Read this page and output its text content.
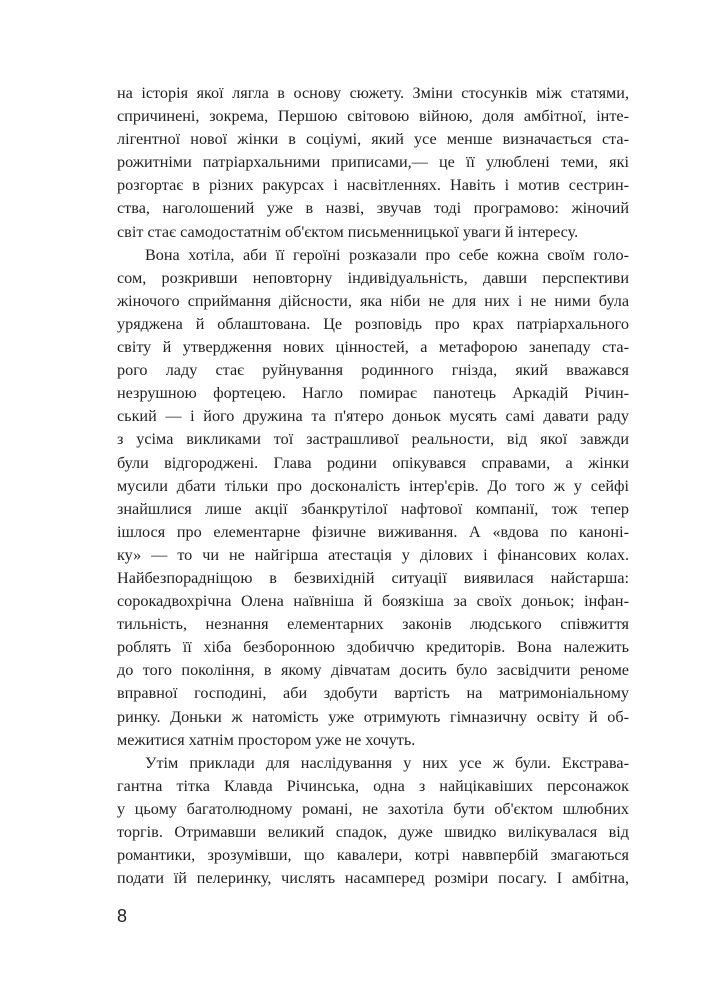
на історія якої лягла в основу сюжету. Зміни стосунків між статями,
спричинені, зокрема, Першою світовою війною, доля амбітної, інте-
лігентної нової жінки в соціумі, який усе менше визначається ста-
рожитніми патріархальними приписами,— це її улюблені теми, які
розгортає в різних ракурсах і насвітленнях. Навіть і мотив сестрин-
ства, наголошений уже в назві, звучав тоді програмово: жіночий
світ стає самодостатнім об'єктом письменницької уваги й інтересу.
Вона хотіла, аби її героїні розказали про себе кожна своїм голо-
сом, розкривши неповторну індивідуальність, давши перспективи
жіночого сприймання дійсности, яка ніби не для них і не ними була
уряджена й облаштована. Це розповідь про крах патріархального
світу й утвердження нових цінностей, а метафорою занепаду ста-
рого ладу стає руйнування родинного гнізда, який вважався
незрушною фортецею. Нагло помирає панотець Аркадій Річин-
ський — і його дружина та п'ятеро доньок мусять самі давати раду
з усіма викликами тої застрашливої реальности, від якої завжди
були відгороджені. Глава родини опікувався справами, а жінки
мусили дбати тільки про досконалість інтер'єрів. До того ж у сейфі
знайшлися лише акції збанкрутілої нафтової компанії, тож тепер
ішлося про елементарне фізичне виживання. А «вдова по каноні-
ку» — то чи не найгірша атестація у ділових і фінансових колах.
Найбезпорадніщою в безвихідній ситуації виявилася найстарша:
сорокадвохрічна Олена наївніша й боязкіша за своїх доньок; інфан-
тильність, незнання елементарних законів людського співжиття
роблять її хіба безборонною здобиччю кредиторів. Вона належить
до того покоління, в якому дівчатам досить було засвідчити реноме
вправної господині, аби здобути вартість на матримоніальному
ринку. Доньки ж натомість уже отримують гімназичну освіту й об-
межитися хатнім простором уже не хочуть.
Утім приклади для наслідування у них усе ж були. Екстрава-
гантна тітка Клавда Річинська, одна з найцікавіших персонажок
у цьому багатолюдному романі, не захотіла бути об'єктом шлюбних
торгів. Отримавши великий спадок, дуже швидко вилікувалася від
романтики, зрозумівши, що кавалери, котрі наввпербій змагаються
подати їй пелеринку, числять насамперед розміри посагу. І амбітна,
8
